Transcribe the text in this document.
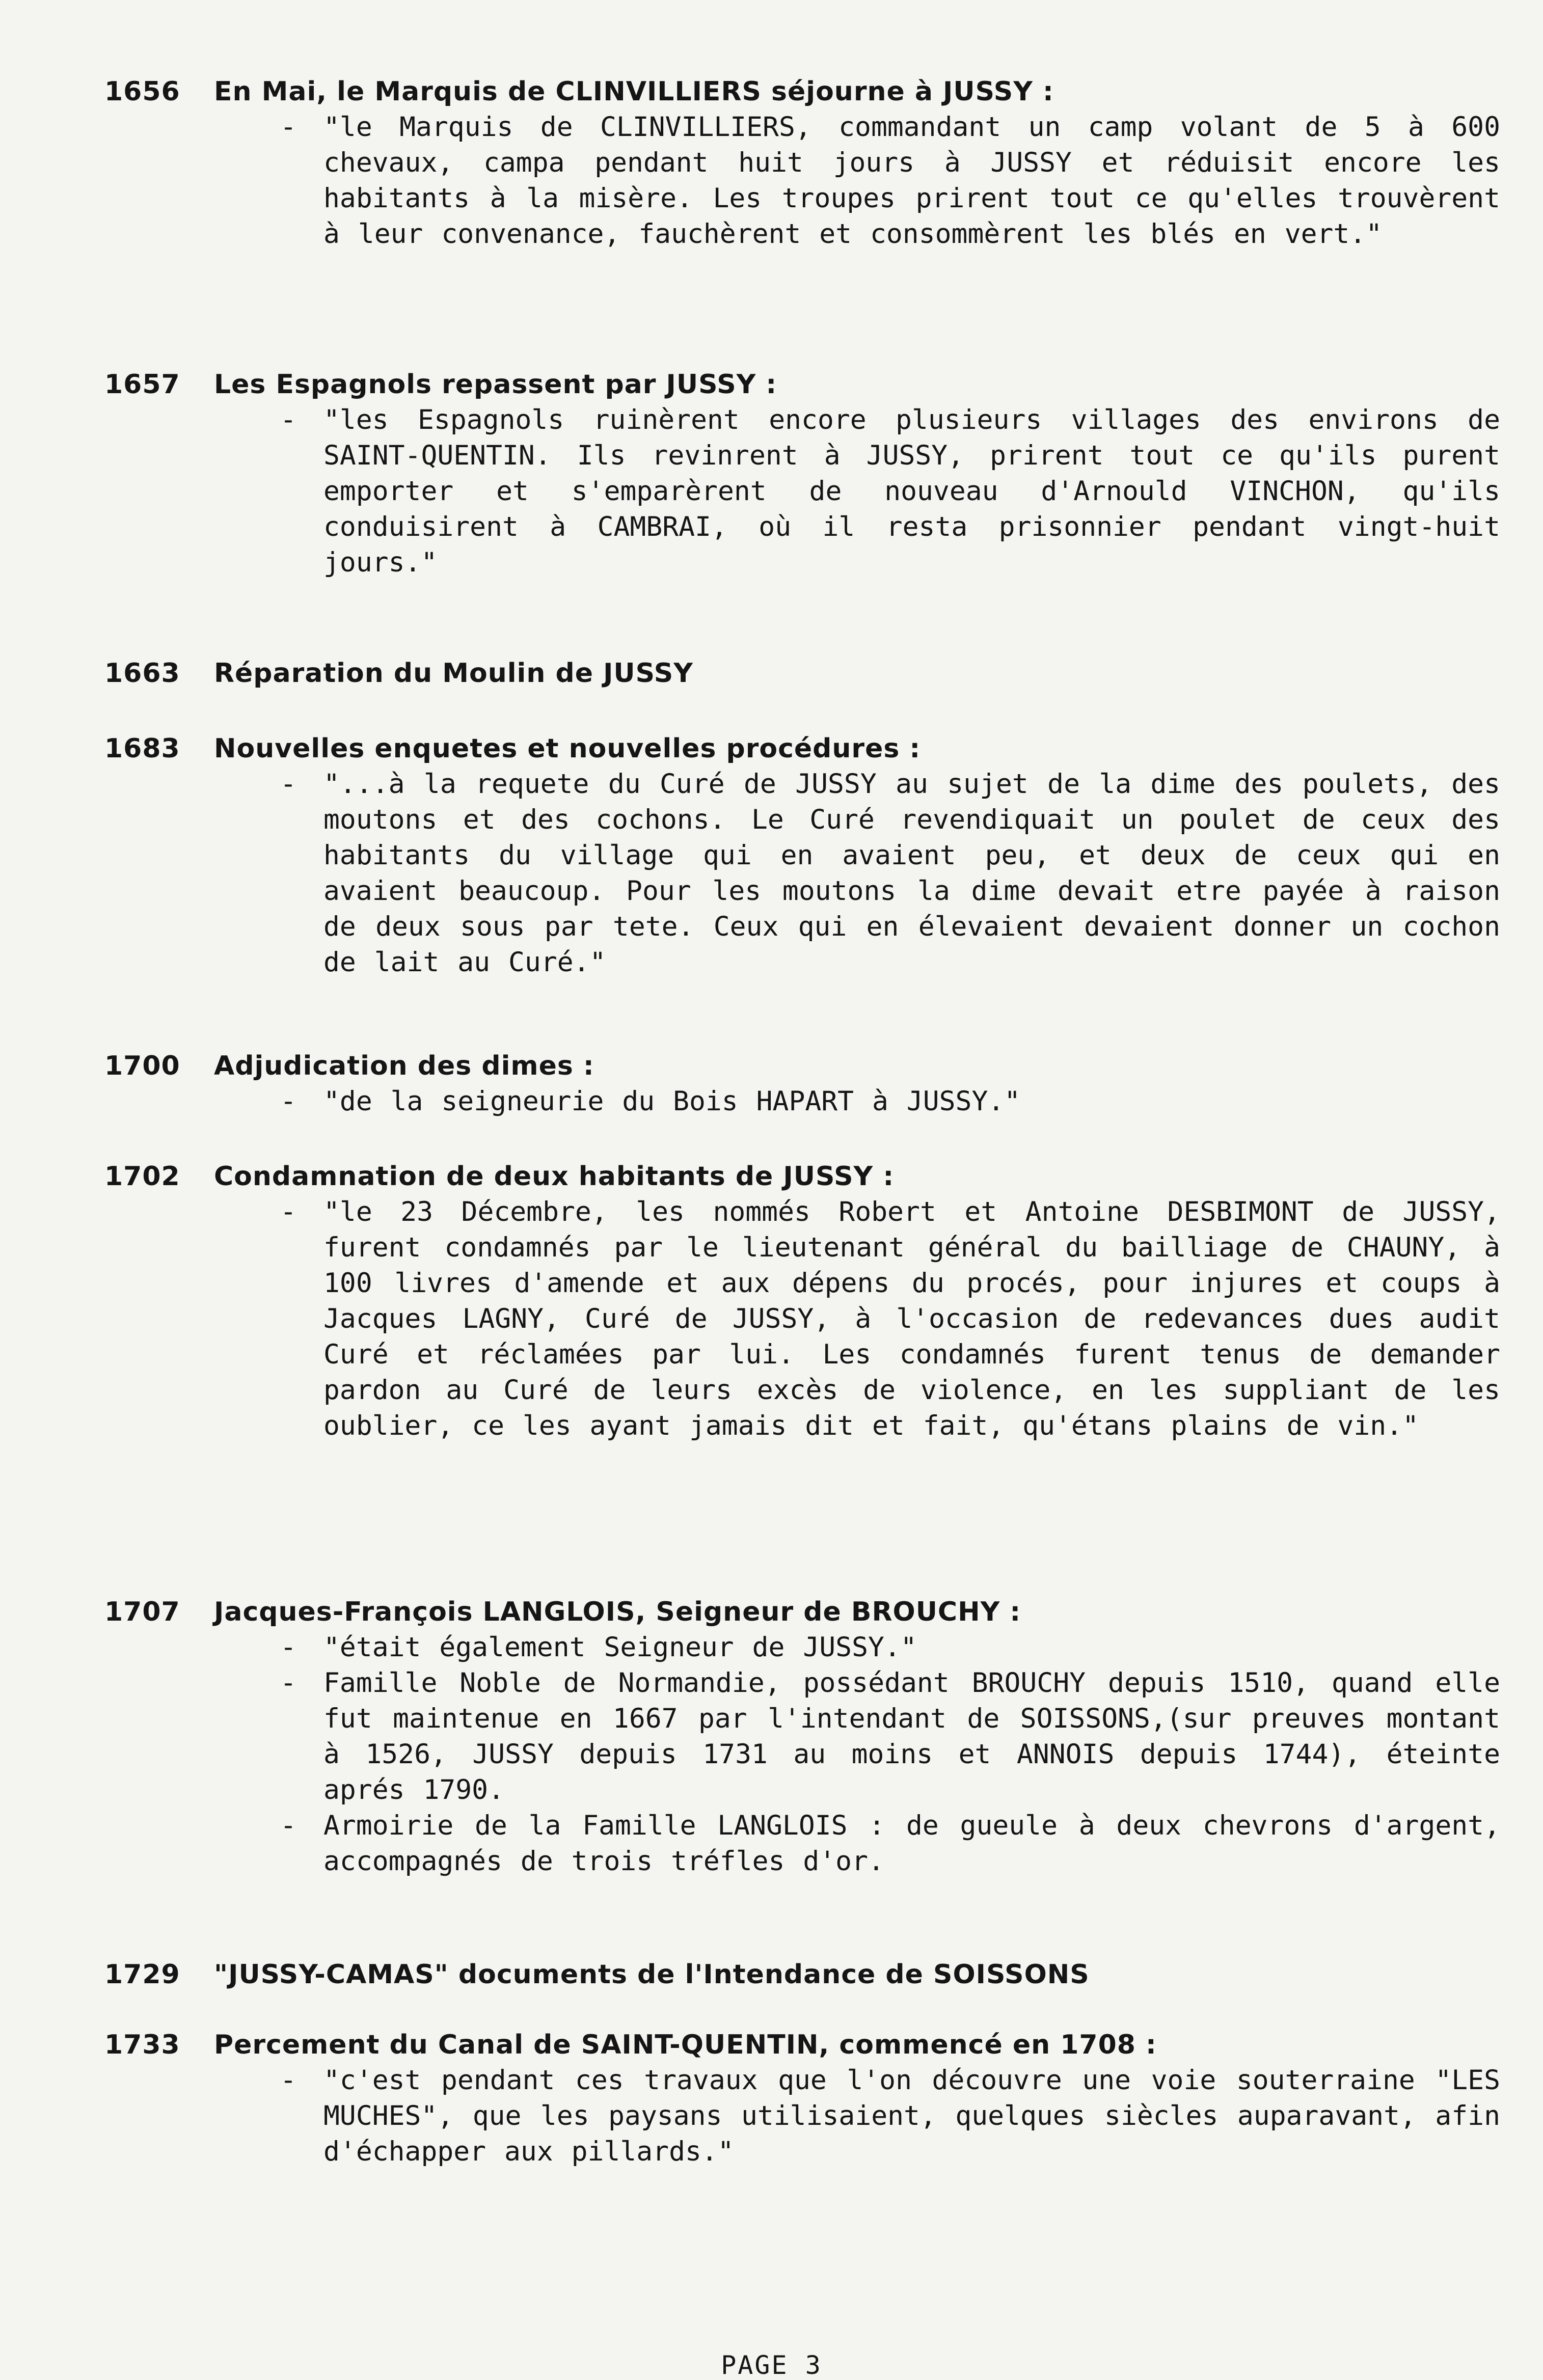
1656	En Mai, le Marquis de CLINVILLIERS séjourne à JUSSY :
-	"le Marquis de CLINVILLIERS, commandant un camp volant de 5 à 600 chevaux, campa pendant huit jours à JUSSY et réduisit encore les habitants à la misère. Les troupes prirent tout ce qu'elles trouvèrent à leur convenance, fauchèrent et consommèrent les blés en vert."
1657	Les Espagnols repassent par JUSSY :
-	"les Espagnols ruinèrent encore plusieurs villages des environs de SAINT-QUENTIN. Ils revinrent à JUSSY, prirent tout ce qu'ils purent emporter et s'emparèrent de nouveau d'Arnould VINCHON, qu'ils conduisirent à CAMBRAI, où il resta prisonnier pendant vingt-huit jours."
1663	Réparation du Moulin de JUSSY
1683	Nouvelles enquetes et nouvelles procédures :
-	"...à la requete du Curé de JUSSY au sujet de la dime des poulets, des moutons et des cochons. Le Curé revendiquait un poulet de ceux des habitants du village qui en avaient peu, et deux de ceux qui en avaient beaucoup. Pour les moutons la dime devait etre payée à raison de deux sous par tete. Ceux qui en élevaient devaient donner un cochon de lait au Curé."
1700	Adjudication des dimes :
-	"de la seigneurie du Bois HAPART à JUSSY."
1702	Condamnation de deux habitants de JUSSY :
-	"le 23 Décembre, les nommés Robert et Antoine DESBIMONT de JUSSY, furent condamnés par le lieutenant général du bailliage de CHAUNY, à 100 livres d'amende et aux dépens du procés, pour injures et coups à Jacques LAGNY, Curé de JUSSY, à l'occasion de redevances dues audit Curé et réclamées par lui. Les condamnés furent tenus de demander pardon au Curé de leurs excès de violence, en les suppliant de les oublier, ce les ayant jamais dit et fait, qu'étans plains de vin."
1707	Jacques-François LANGLOIS, Seigneur de BROUCHY :
-	"était également Seigneur de JUSSY."
-	Famille Noble de Normandie, possédant BROUCHY depuis 1510, quand elle fut maintenue en 1667 par l'intendant de SOISSONS,(sur preuves montant à 1526, JUSSY depuis 1731 au moins et ANNOIS depuis 1744), éteinte aprés 1790.
-	Armoirie de la Famille LANGLOIS : de gueule à deux chevrons d'argent, accompagnés de trois tréfles d'or.
1729	"JUSSY-CAMAS" documents de l'Intendance de SOISSONS
1733	Percement du Canal de SAINT-QUENTIN, commencé en 1708 :
-	"c'est pendant ces travaux que l'on découvre une voie souterraine "LES MUCHES", que les paysans utilisaient, quelques siècles auparavant, afin d'échapper aux pillards."
PAGE 3
